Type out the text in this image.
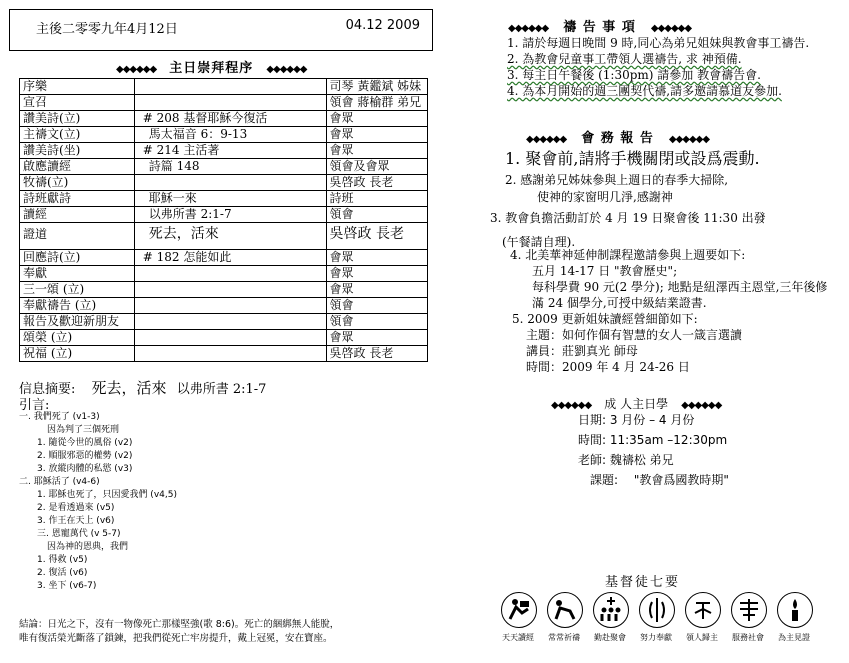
主後二零零九年4月12日	04.12 2009
◆◆◆◆◆◆ 主日崇拜程序 ◆◆◆◆◆◆
序樂		司琴 黃鑑斌 姊妹
宣召		領會 蔣榆群 弟兄
讚美詩(立)	# 208 基督耶穌今復活	會眾
主禱文(立)	馬太福音 6：9-13	會眾
讚美詩(坐)	# 214 主活著	會眾
啟應讀經	詩篇 148	領會及會眾
牧禱(立)		吳啓政 長老
詩班獻詩	耶穌一來	詩班
讀經	以弗所書 2:1-7	領會
證道	死去，活來	吳啓政 長老
回應詩(立)	# 182 怎能如此	會眾
奉獻		會眾
三一頌 (立)		會眾
奉獻禱告 (立)		領會
報告及歡迎新朋友		領會
頌榮 (立)		會眾
祝福 (立)		吳啓政 長老
信息摘要: 死去，活來 以弗所書 2:1-7
引言:
一. 我們死了 (v1-3)
因為判了三個死刑
1. 隨從今世的風俗 (v2)
2. 順服邪惡的權勢 (v2)
3. 放縱肉體的私慾 (v3)
二. 耶穌活了 (v4-6)
1. 耶穌也死了，只因愛我們 (v4,5)
2. 是看透過來 (v5)
3. 作王在天上 (v6)
三. 恩寵萬代 (v 5-7)
因為神的恩典，我們
1. 得救 (v5)
2. 復活 (v6)
3. 坐下 (v6-7)
結論：日光之下，沒有一物像死亡那樣堅強(歌 8:6)。死亡的綑綁無人能脫，
唯有復活榮光斷落了鎖鍊，把我們從死亡牢房提升，戴上冠冕，安在寶座。
◆◆◆◆◆◆ 禱 告 事 項 ◆◆◆◆◆◆
1. 請於每週日晚間 9 時,同心為弟兄姐妹與教會事工禱告.
2. 為教會兒童事工帶領人選禱告, 求 神預備.
3. 每主日午餐後 (1:30pm) 請參加 教會禱告會.
4. 為本月開始的週三團契代禱,請多邀請慕道友參加.
◆◆◆◆◆◆ 會 務 報 告 ◆◆◆◆◆◆
1. 聚會前,請將手機關閉或設爲震動.
2. 感謝弟兄姊妹參與上週日的春季大掃除,
使神的家窗明几淨,感謝神
3. 教會負擔活動訂於 4 月 19 日聚會後 11:30 出發
(午餐請自理).
4. 北美華神延伸制課程邀請參與上週要如下:
五月 14-17 日 "教會歷史";
每科學費 90 元(2 學分); 地點是紐澤西主恩堂,三年後修
滿 24 個學分,可授中級結業證書.
5. 2009 更新姐妹讀經營細節如下:
主題：如何作個有智慧的女人一箴言選讀
講員：莊劉真光 師母
時間：2009 年 4 月 24-26 日
◆◆◆◆◆◆ 成 人主日學 ◆◆◆◆◆◆
日期: 3 月份 – 4 月份
時間: 11:35am –12:30pm
老師: 魏禱松 弟兄
課題: "教會爲國教時期"
基督徒七要
天天讀經	常常祈禱	勤赴聚會	努力奉獻	領人歸主	服務社會	為主見證
